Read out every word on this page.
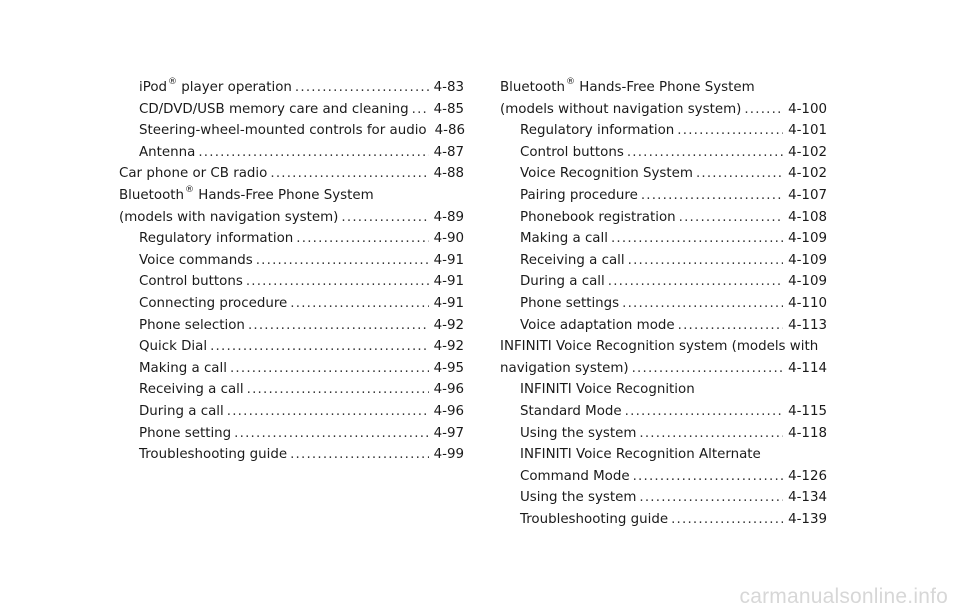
iPod® player operation .....	4-83
CD/DVD/USB memory care and cleaning ..... 4-85
Steering-wheel-mounted controls for audio 4-86
Antenna .....	4-87
Car phone or CB radio .....	4-88
Bluetooth® Hands-Free Phone System
(models with navigation system) .....	4-89
Regulatory information .....	4-90
Voice commands .....	4-91
Control buttons .....	4-91
Connecting procedure .....	4-91
Phone selection .....	4-92
Quick Dial .....	4-92
Making a call .....	4-95
Receiving a call .....	4-96
During a call .....	4-96
Phone setting .....	4-97
Troubleshooting guide .....	4-99
Bluetooth® Hands-Free Phone System
(models without navigation system) .....	4-100
Regulatory information .....	4-101
Control buttons .....	4-102
Voice Recognition System .....	4-102
Pairing procedure .....	4-107
Phonebook registration .....	4-108
Making a call .....	4-109
Receiving a call .....	4-109
During a call .....	4-109
Phone settings .....	4-110
Voice adaptation mode .....	4-113
INFINITI Voice Recognition system (models with
navigation system) .....	4-114
INFINITI Voice Recognition
Standard Mode .....	4-115
Using the system .....	4-118
INFINITI Voice Recognition Alternate
Command Mode .....	4-126
Using the system .....	4-134
Troubleshooting guide .....	4-139
carmanualsonline.info
